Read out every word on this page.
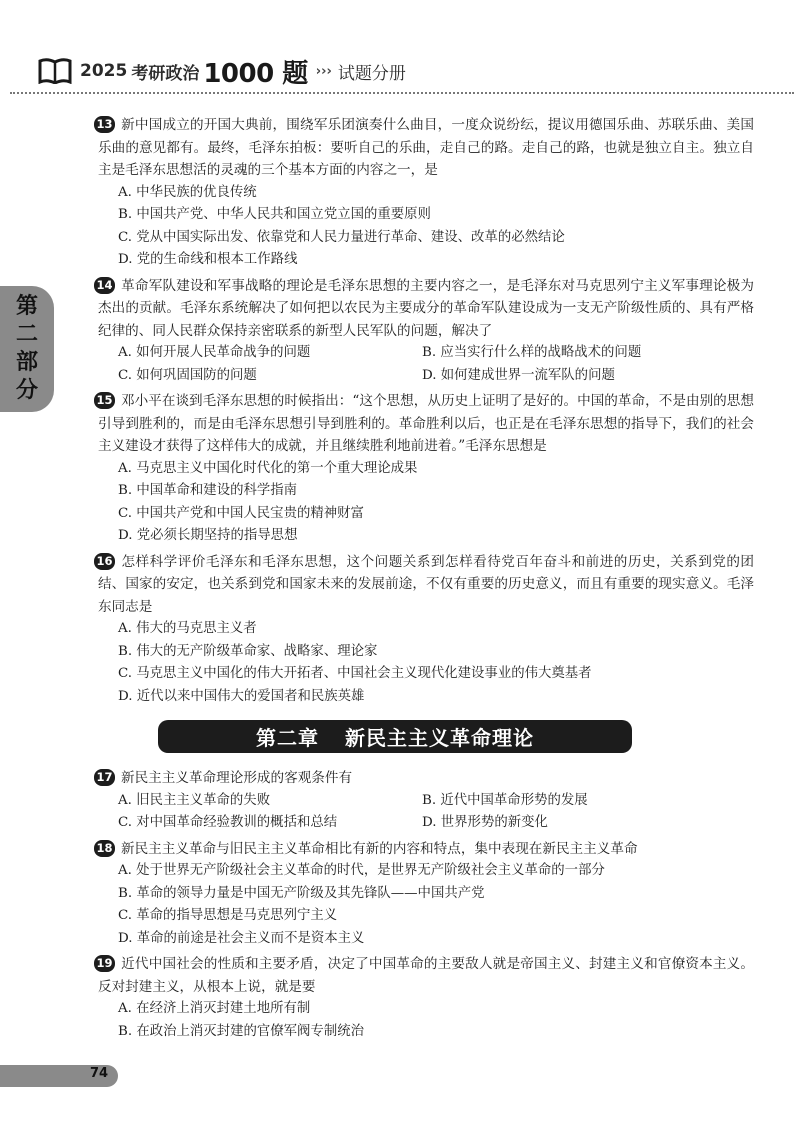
2025 考研政治 1000 题 ››› 试题分册
第
二
部
分

13 新中国成立的开国大典前，围绕军乐团演奏什么曲目，一度众说纷纭，提议用德国乐曲、苏联乐曲、美国乐曲的意见都有。最终，毛泽东拍板：要听自己的乐曲，走自己的路。走自己的路，也就是独立自主。独立自主是毛泽东思想活的灵魂的三个基本方面的内容之一，是

A. 中华民族的优良传统
B. 中国共产党、中华人民共和国立党立国的重要原则
C. 党从中国实际出发、依靠党和人民力量进行革命、建设、改革的必然结论
D. 党的生命线和根本工作路线

14 革命军队建设和军事战略的理论是毛泽东思想的主要内容之一，是毛泽东对马克思列宁主义军事理论极为杰出的贡献。毛泽东系统解决了如何把以农民为主要成分的革命军队建设成为一支无产阶级性质的、具有严格纪律的、同人民群众保持亲密联系的新型人民军队的问题，解决了

A. 如何开展人民革命战争的问题	B. 应当实行什么样的战略战术的问题
C. 如何巩固国防的问题	D. 如何建成世界一流军队的问题

15 邓小平在谈到毛泽东思想的时候指出：“这个思想，从历史上证明了是好的。中国的革命，不是由别的思想引导到胜利的，而是由毛泽东思想引导到胜利的。革命胜利以后，也正是在毛泽东思想的指导下，我们的社会主义建设才获得了这样伟大的成就，并且继续胜利地前进着。”毛泽东思想是

A. 马克思主义中国化时代化的第一个重大理论成果
B. 中国革命和建设的科学指南
C. 中国共产党和中国人民宝贵的精神财富
D. 党必须长期坚持的指导思想

16 怎样科学评价毛泽东和毛泽东思想，这个问题关系到怎样看待党百年奋斗和前进的历史，关系到党的团结、国家的安定，也关系到党和国家未来的发展前途，不仅有重要的历史意义，而且有重要的现实意义。毛泽东同志是

A. 伟大的马克思主义者
B. 伟大的无产阶级革命家、战略家、理论家
C. 马克思主义中国化的伟大开拓者、中国社会主义现代化建设事业的伟大奠基者
D. 近代以来中国伟大的爱国者和民族英雄
第二章 新民主主义革命理论

17 新民主主义革命理论形成的客观条件有

A. 旧民主主义革命的失败	B. 近代中国革命形势的发展
C. 对中国革命经验教训的概括和总结	D. 世界形势的新变化

18 新民主主义革命与旧民主主义革命相比有新的内容和特点，集中表现在新民主主义革命

A. 处于世界无产阶级社会主义革命的时代，是世界无产阶级社会主义革命的一部分
B. 革命的领导力量是中国无产阶级及其先锋队——中国共产党
C. 革命的指导思想是马克思列宁主义
D. 革命的前途是社会主义而不是资本主义

19 近代中国社会的性质和主要矛盾，决定了中国革命的主要敌人就是帝国主义、封建主义和官僚资本主义。反对封建主义，从根本上说，就是要

A. 在经济上消灭封建土地所有制
B. 在政治上消灭封建的官僚军阀专制统治
74
